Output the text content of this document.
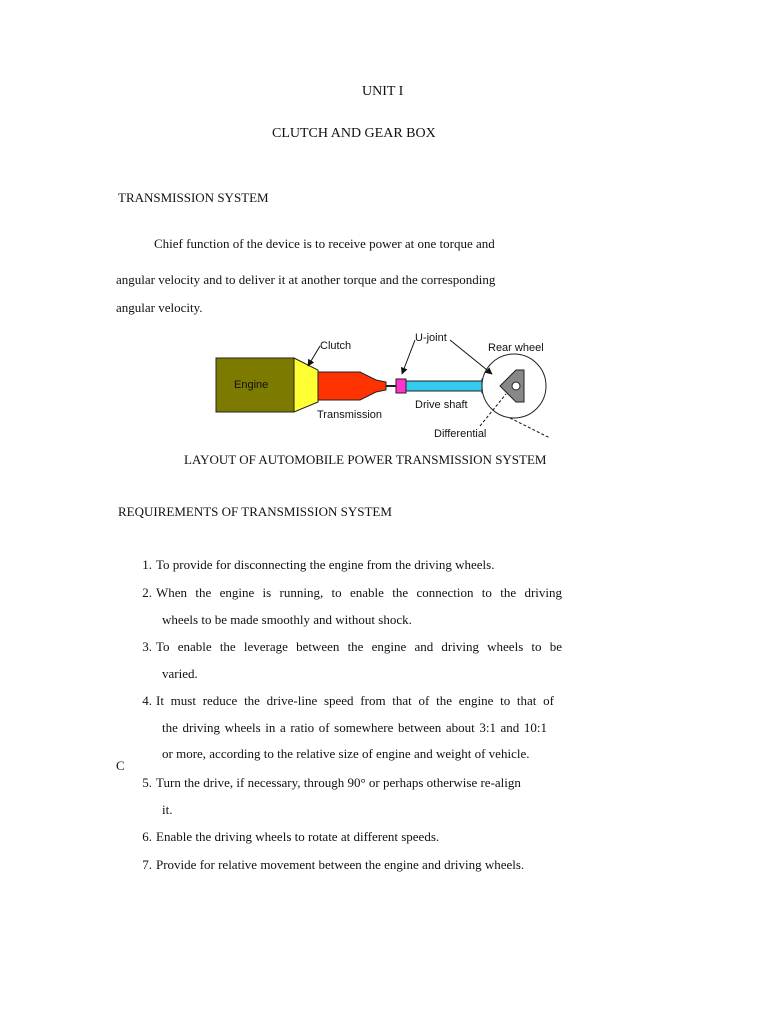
UNIT I
CLUTCH AND GEAR BOX
TRANSMISSION SYSTEM
Chief function of the device is to receive power at one torque and
angular velocity and to deliver it at another torque and the corresponding
angular velocity.
Engine
Clutch
U-joint
Rear wheel
Transmission
Drive shaft
Differential
LAYOUT OF AUTOMOBILE POWER TRANSMISSION SYSTEM
REQUIREMENTS OF TRANSMISSION SYSTEM
1. To provide for disconnecting the engine from the driving wheels.
2. When the engine is running, to enable the connection to the driving
wheels to be made smoothly and without shock.
3. To enable the leverage between the engine and driving wheels to be
varied.
4. It must reduce the drive-line speed from that of the engine to that of
the driving wheels in a ratio of somewhere between about 3:1 and 10:1
or more, according to the relative size of engine and weight of vehicle.
C
5. Turn the drive, if necessary, through 90° or perhaps otherwise re-align
it.
6. Enable the driving wheels to rotate at different speeds.
7. Provide for relative movement between the engine and driving wheels.
